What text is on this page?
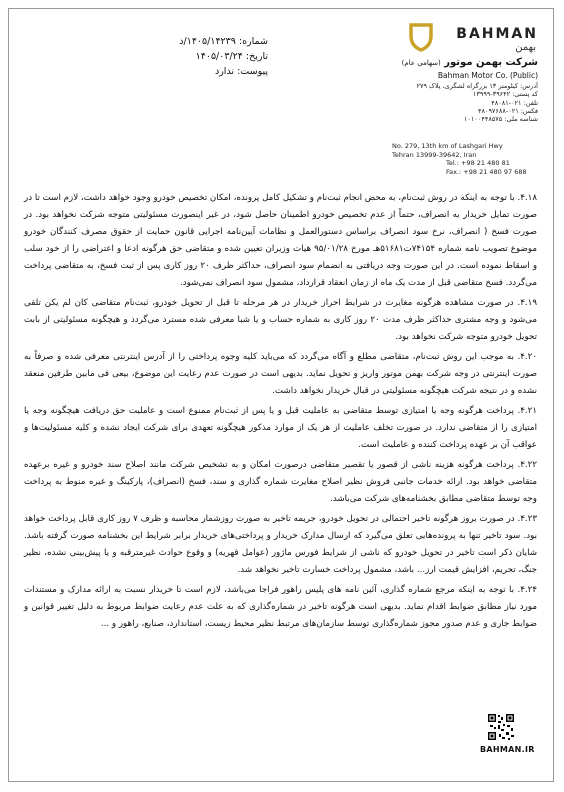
شماره: ۱۴۰۵/۱۴۲۳۹/د
تاریخ: ۱۴۰۵/۰۳/۲۴
پیوست: ندارد
BAHMAN
بهمن
شرکت بهمن موتور (سهامی عام)
Bahman Motor Co. (Public)
آدرس: کیلومتر ۱۳ بزرگراه لشگری، پلاک ۲۷۹
کد پستی: ۳۹۶۴۲-۱۳۹۹۹
تلفن: ۰۲۱-۴۸۰۸۱
فکس: ۰۲۱-۴۸۰۹۷۶۸۸
شناسه ملی: ۱۰۱۰۰۴۴۸۵۷۵
No. 279, 13th km of Lashgari Hwy
Tehran 13999-39642, Iran
Tel.: +98 21 480 81
Fax.: +98 21 480 97 688

۴.۱۸. با توجه به اینکه در روش ثبت‌نام، به محض انجام ثبت‌نام و تشکیل کامل پرونده، امکان تخصیص خودرو وجود خواهد داشت، لازم است تا در صورت تمایل خریدار به انصراف، حتماً از عدم تخصیص خودرو اطمینان حاصل شود، در غیر اینصورت مسئولیتی متوجه شرکت نخواهد بود. در صورت فسخ ( انصراف، نرخ سود انصراف براساس دستورالعمل و نظامات آیین‌نامه اجرایی قانون حمایت از حقوق مصرف کنندگان خودرو موضوع تصویب نامه شماره ۷۴۱۵۴ت۵۱۶۸۱هـ مورخ ۹۵/۰۱/۲۸ هیات وزیران تعیین شده و متقاضی حق هرگونه ادعا و اعتراضی را از خود سلب و اسقاط نموده است. در این صورت وجه دریافتی به انضمام سود انصراف، حداکثر ظرف ۲۰ روز کاری پس از ثبت فسخ، به متقاضی پرداخت می‌گردد. فسخ متقاضی قبل از مدت یک ماه از زمان انعقاد قرارداد، مشمول سود انصراف نمی‌شود.

۴.۱۹. در صورت مشاهده هرگونه مغایرت در شرایط احراز خریدار در هر مرحله تا قبل از تحویل خودرو، ثبت‌نام متقاضی کان لم یکن تلقی می‌شود و وجه مشتری حداکثر ظرف مدت ۲۰ روز کاری به شماره حساب و یا شبا معرفی شده مسترد می‌گردد و هیچگونه مسئولیتی از بابت تحویل خودرو متوجه شرکت نخواهد بود.

۴.۲۰. به موجب این روش ثبت‌نام، متقاضی مطلع و آگاه می‌گردد که می‌باید کلیه وجوه پرداختی را از آدرس اینترنتی معرفی شده و صرفاً به صورت اینترنتی در وجه شرکت بهمن موتور واریز و تحویل نماید. بدیهی است در صورت عدم رعایت این موضوع، بیعی فی مابین طرفین منعقد نشده و در نتیجه شرکت هیچگونه مسئولیتی در قبال خریدار نخواهد داشت.

۴.۲۱. پرداخت هرگونه وجه یا امتیازی توسط متقاضی به عاملیت قبل و یا پس از ثبت‌نام ممنوع است و عاملیت حق دریافت هیچگونه وجه یا امتیازی را از متقاضی ندارد. در صورت تخلف عاملیت از هر یک از موارد مذکور هیچگونه تعهدی برای شرکت ایجاد نشده و کلیه مسئولیت‌ها و عواقب آن بر عهده پرداخت کننده و عاملیت است.

۴.۲۲. پرداخت هرگونه هزینه ناشی از قصور یا تقصیر متقاضی درصورت امکان و به تشخیص شرکت مانند اصلاح سند خودرو و غیره برعهده متقاضی خواهد بود. ارائه خدمات جانبی فروش نظیر اصلاح مغایرت شماره گذاری و سند، فسخ (انصراف)، پارکینگ و غیره منوط به پرداخت وجه توسط متقاضی مطابق بخشنامه‌های شرکت می‌باشد.

۴.۲۳. در صورت بروز هرگونه تاخیر احتمالی در تحویل خودرو، جریمه تاخیر به صورت روزشمار محاسبه و ظرف ۷ روز کاری قابل پرداخت خواهد بود. سود تاخیر تنها به پرونده‌هایی تعلق می‌گیرد که ارسال مدارک خریدار و پرداختی‌های خریدار برابر شرایط این بخشنامه صورت گرفته باشد. شایان ذکر است تاخیر در تحویل خودرو که ناشی از شرایط فورس ماژور (عوامل قهریه) و وقوع حوادث غیرمترقبه و یا پیش‌بینی نشده، نظیر جنگ، تحریم، افزایش قیمت ارز... باشد، مشمول پرداخت خسارت تاخیر نخواهد شد.

۴.۲۴. با توجه به اینکه مرجع شماره گذاری، آئین نامه های پلیس راهور فراجا می‌باشد، لازم است تا خریدار نسبت به ارائه مدارک و مستندات مورد نیاز مطابق ضوابط اقدام نماید. بدیهی است هرگونه تاخیر در شماره‌گذاری که به علت عدم رعایت ضوابط مربوط به دلیل تغییر قوانین و ضوابط جاری و عدم صدور مجوز شماره‌گذاری توسط سازمان‌های مرتبط نظیر محیط زیست، استاندارد، صنایع، راهور و ...

BAHMAN.IR
